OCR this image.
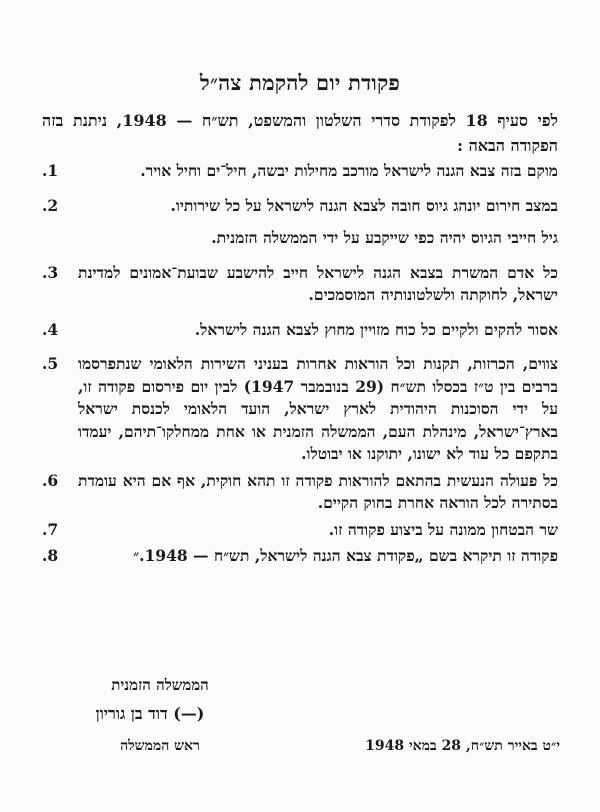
פקודת יום להקמת צה״ל
לפי סעיף 18 לפקודת סדרי השלטון והמשפט, תש״ח — 1948, ניתנת בזה הפקודה הבאה :
.1	מוקם בזה צבא הגנה לישראל מורכב מחילות יבשה, חיל־ים וחיל אויר.

.2	במצב חירום יונהג גיוס חובה לצבא הגנה לישראל על כל שירותיו.

גיל חייבי הגיוס יהיה כפי שייקבע על ידי הממשלה הזמנית.

.3	כל אדם המשרת בצבא הגנה לישראל חייב להישבע שבועת־אמונים למדינת ישראל, לחוקתה ולשלטונותיה המוסמכים.

.4	אסור להקים ולקיים כל כוח מזויין מחוץ לצבא הגנה לישראל.

.5	צווים, הכרזות, תקנות וכל הוראות אחרות בעניני השירות הלאומי שנתפרסמו ברבים בין ט״ז בכסלו תש״ח (29 בנובמבר 1947) לבין יום פירסום פקודה זו, על ידי הסוכנות היהודית לארץ ישראל, הועד הלאומי לכנסת ישראל בארץ־ישראל, מינהלת העם, הממשלה הזמנית או אחת ממחלקו־תיהם, יעמדו בתקפם כל עוד לא ישונו, יתוקנו או יבוטלו.

.6	כל פעולה הנעשית בהתאם להוראות פקודה זו תהא חוקית, אף אם היא עומדת בסתירה לכל הוראה אחרת בחוק הקיים.

.7	שר הבטחון ממונה על ביצוע פקודה זו.

.8	פקודה זו תיקרא בשם „פקודת צבא הגנה לישראל, תש״ח — 1948.״

הממשלה הזמנית
(—) דוד בן גוריון
ראש הממשלה	י״ט באייר תש״ח, 28 במאי 1948
